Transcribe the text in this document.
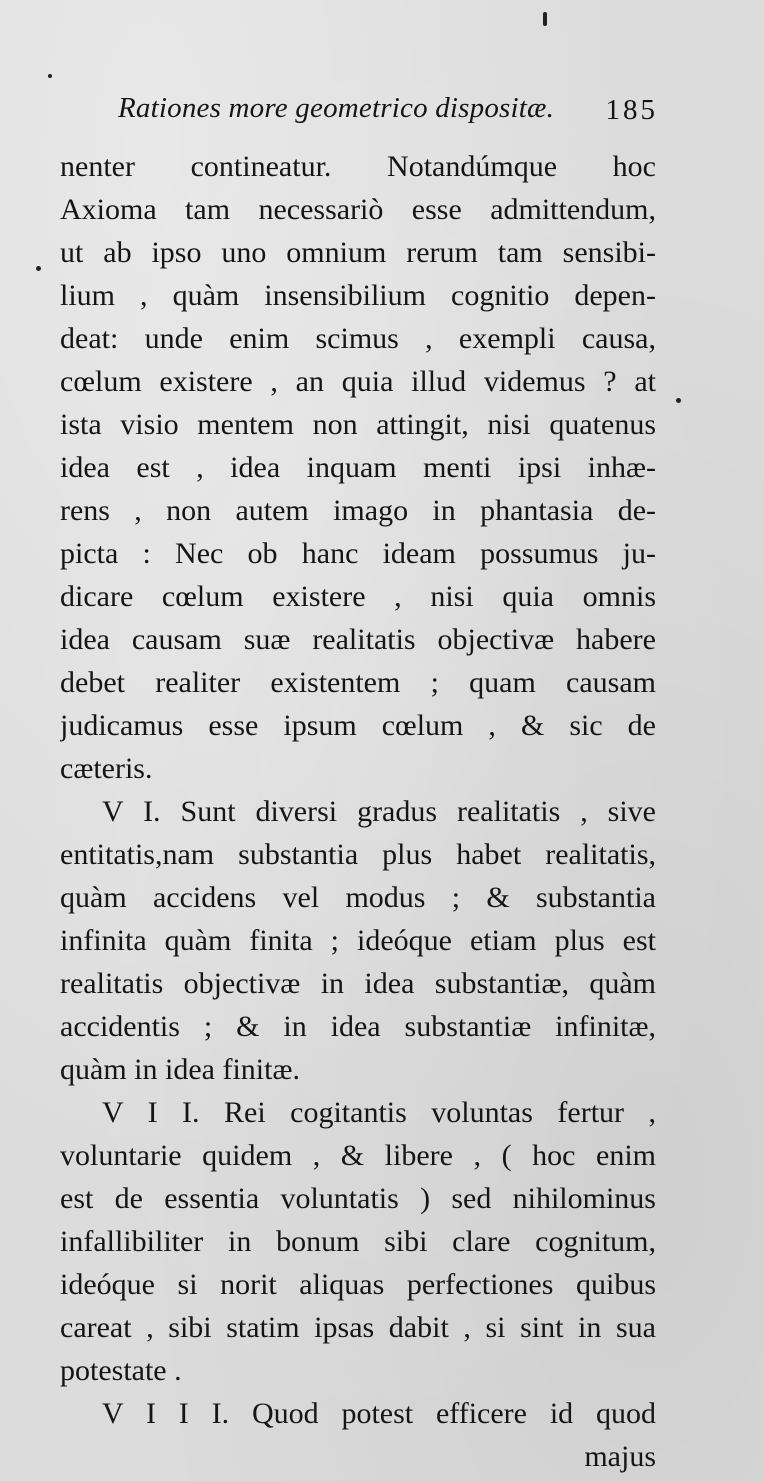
Rationes more geometrico dispositæ. 185
nenter contineatur. Notandúmque hoc
Axioma tam necessariò esse admittendum,
ut ab ipso uno omnium rerum tam sensibi-
lium , quàm insensibilium cognitio depen-
deat: unde enim scimus , exempli causa,
cœlum existere , an quia illud videmus ? at
ista visio mentem non attingit, nisi quatenus
idea est , idea inquam menti ipsi inhæ-
rens , non autem imago in phantasia de-
picta : Nec ob hanc ideam possumus ju-
dicare cœlum existere , nisi quia omnis
idea causam suæ realitatis objectivæ habere
debet realiter existentem ; quam causam
judicamus esse ipsum cœlum , & sic de
cæteris.
V I. Sunt diversi gradus realitatis , sive
entitatis,nam substantia plus habet realitatis,
quàm accidens vel modus ; & substantia
infinita quàm finita ; ideóque etiam plus est
realitatis objectivæ in idea substantiæ, quàm
accidentis ; & in idea substantiæ infinitæ,
quàm in idea finitæ.
V I I. Rei cogitantis voluntas fertur ,
voluntarie quidem , & libere , ( hoc enim
est de essentia voluntatis ) sed nihilominus
infallibiliter in bonum sibi clare cognitum,
ideóque si norit aliquas perfectiones quibus
careat , sibi statim ipsas dabit , si sint in sua
potestate .
V I I I. Quod potest efficere id quod
majus
